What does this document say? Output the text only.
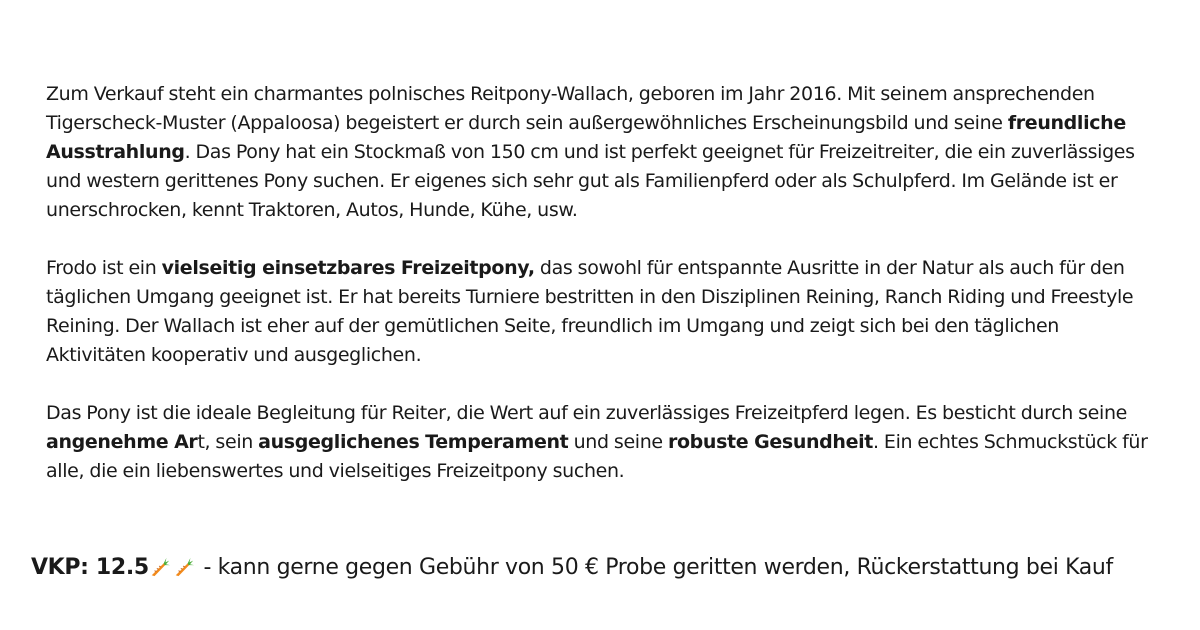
Zum Verkauf steht ein charmantes polnisches Reitpony-Wallach, geboren im Jahr 2016. Mit seinem ansprechenden Tigerscheck-Muster (Appaloosa) begeistert er durch sein außergewöhnliches Erscheinungsbild und seine freundliche Ausstrahlung. Das Pony hat ein Stockmaß von 150 cm und ist perfekt geeignet für Freizeitreiter, die ein zuverlässiges und western gerittenes Pony suchen. Er eigenes sich sehr gut als Familienpferd oder als Schulpferd. Im Gelände ist er unerschrocken, kennt Traktoren, Autos, Hunde, Kühe, usw.

Frodo ist ein vielseitig einsetzbares Freizeitpony, das sowohl für entspannte Ausritte in der Natur als auch für den täglichen Umgang geeignet ist. Er hat bereits Turniere bestritten in den Disziplinen Reining, Ranch Riding und Freestyle Reining. Der Wallach ist eher auf der gemütlichen Seite, freundlich im Umgang und zeigt sich bei den täglichen Aktivitäten kooperativ und ausgeglichen.

Das Pony ist die ideale Begleitung für Reiter, die Wert auf ein zuverlässiges Freizeitpferd legen. Es besticht durch seine angenehme Art, sein ausgeglichenes Temperament und seine robuste Gesundheit. Ein echtes Schmuckstück für alle, die ein liebenswertes und vielseitiges Freizeitpony suchen.

VKP: 12.5 - kann gerne gegen Gebühr von 50 € Probe geritten werden, Rückerstattung bei Kauf
